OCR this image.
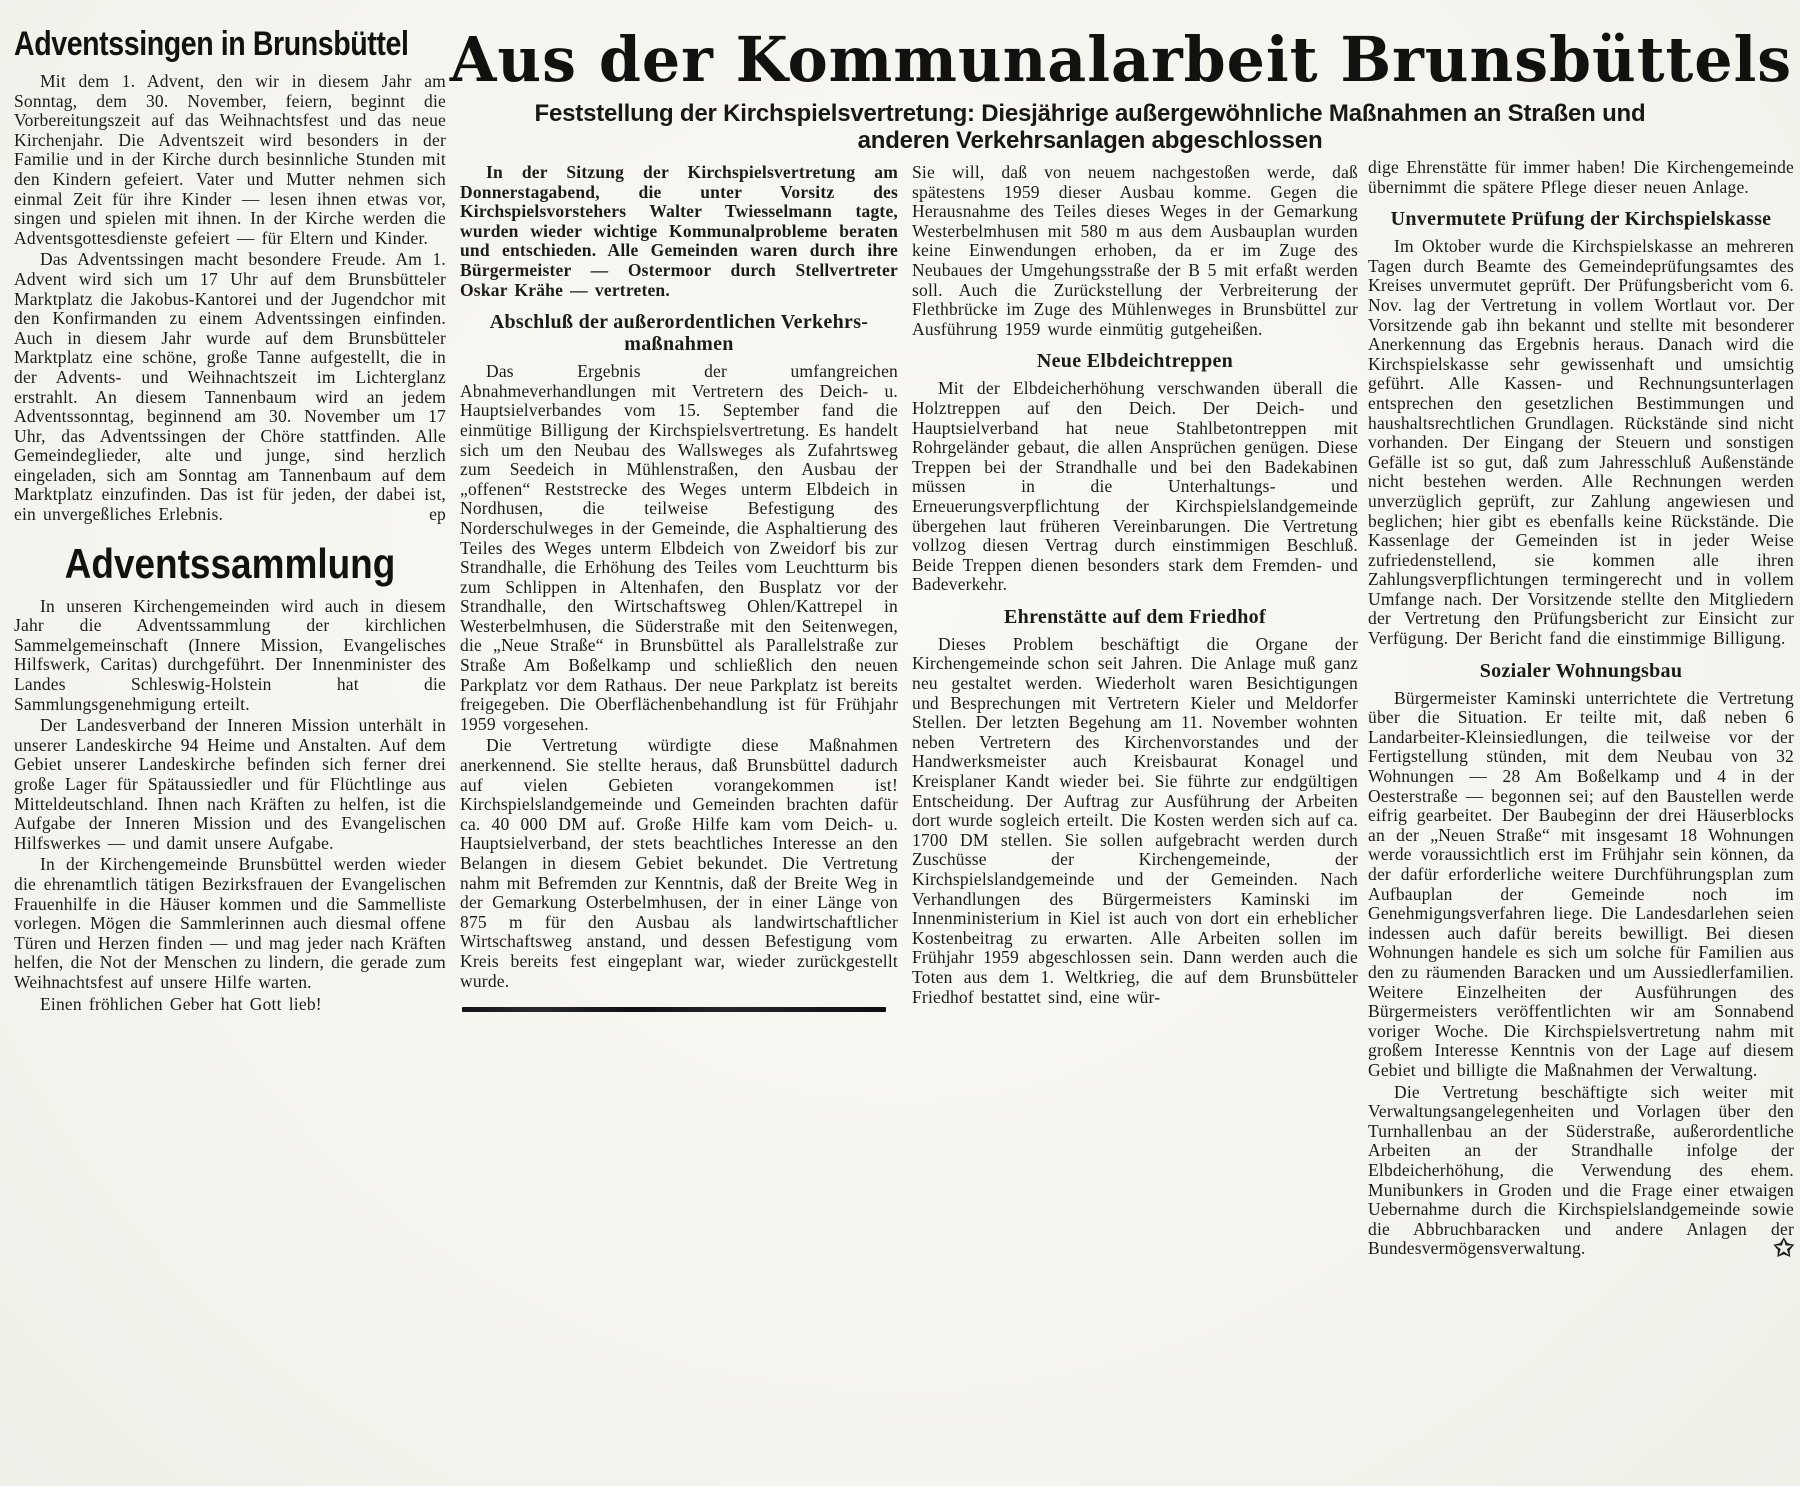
Adventssingen in Brunsbüttel

Mit dem 1. Advent, den wir in diesem Jahr am Sonntag, dem 30. November, feiern, beginnt die Vorbereitungszeit auf das Weihnachtsfest und das neue Kirchenjahr. Die Adventszeit wird besonders in der Familie und in der Kirche durch besinnliche Stunden mit den Kindern gefeiert. Vater und Mutter nehmen sich einmal Zeit für ihre Kinder — lesen ihnen etwas vor, singen und spielen mit ihnen. In der Kirche werden die Adventsgottesdienste gefeiert — für Eltern und Kinder.

Das Adventssingen macht besondere Freude. Am 1. Advent wird sich um 17 Uhr auf dem Brunsbütteler Marktplatz die Jakobus-Kantorei und der Jugendchor mit den Konfirmanden zu einem Adventssingen einfinden. Auch in diesem Jahr wurde auf dem Brunsbütteler Marktplatz eine schöne, große Tanne aufgestellt, die in der Advents- und Weihnachtszeit im Lichterglanz erstrahlt. An diesem Tannenbaum wird an jedem Adventssonntag, beginnend am 30. November um 17 Uhr, das Adventssingen der Chöre stattfinden. Alle Gemeindeglieder, alte und junge, sind herzlich eingeladen, sich am Sonntag am Tannenbaum auf dem Marktplatz einzufinden. Das ist für jeden, der dabei ist, ein unvergeßliches Erlebnis.	ep

Adventssammlung

In unseren Kirchengemeinden wird auch in diesem Jahr die Adventssammlung der kirchlichen Sammelgemeinschaft (Innere Mission, Evangelisches Hilfswerk, Caritas) durchgeführt. Der Innenminister des Landes Schleswig-Holstein hat die Sammlungsgenehmigung erteilt.

Der Landesverband der Inneren Mission unterhält in unserer Landeskirche 94 Heime und Anstalten. Auf dem Gebiet unserer Landeskirche befinden sich ferner drei große Lager für Spätaussiedler und für Flüchtlinge aus Mitteldeutschland. Ihnen nach Kräften zu helfen, ist die Aufgabe der Inneren Mission und des Evangelischen Hilfswerkes — und damit unsere Aufgabe.

In der Kirchengemeinde Brunsbüttel werden wieder die ehrenamtlich tätigen Bezirksfrauen der Evangelischen Frauenhilfe in die Häuser kommen und die Sammelliste vorlegen. Mögen die Sammlerinnen auch diesmal offene Türen und Herzen finden — und mag jeder nach Kräften helfen, die Not der Menschen zu lindern, die gerade zum Weihnachtsfest auf unsere Hilfe warten.

Einen fröhlichen Geber hat Gott lieb!

Aus der Kommunalarbeit Brunsbüttels
Feststellung der Kirchspielsvertretung: Diesjährige außergewöhnliche Maßnahmen an Straßen und
anderen Verkehrsanlagen abgeschlossen

In der Sitzung der Kirchspielsvertretung am Donnerstagabend, die unter Vorsitz des Kirchspielsvorstehers Walter Twiesselmann tagte, wurden wieder wichtige Kommunalprobleme beraten und entschieden. Alle Gemeinden waren durch ihre Bürgermeister — Ostermoor durch Stellvertreter Oskar Krähe — vertreten.

Abschluß der außerordentlichen Verkehrs-
maßnahmen

Das Ergebnis der umfangreichen Abnahmeverhandlungen mit Vertretern des Deich- u. Hauptsielverbandes vom 15. September fand die einmütige Billigung der Kirchspielsvertretung. Es handelt sich um den Neubau des Wallsweges als Zufahrtsweg zum Seedeich in Mühlenstraßen, den Ausbau der „offenen“ Reststrecke des Weges unterm Elbdeich in Nordhusen, die teilweise Befestigung des Norderschulweges in der Gemeinde, die Asphaltierung des Teiles des Weges unterm Elbdeich von Zweidorf bis zur Strandhalle, die Erhöhung des Teiles vom Leuchtturm bis zum Schlippen in Altenhafen, den Busplatz vor der Strandhalle, den Wirtschaftsweg Ohlen/Kattrepel in Westerbelmhusen, die Süderstraße mit den Seitenwegen, die „Neue Straße“ in Brunsbüttel als Parallelstraße zur Straße Am Boßelkamp und schließlich den neuen Parkplatz vor dem Rathaus. Der neue Parkplatz ist bereits freigegeben. Die Oberflächenbehandlung ist für Frühjahr 1959 vorgesehen.

Die Vertretung würdigte diese Maßnahmen anerkennend. Sie stellte heraus, daß Brunsbüttel dadurch auf vielen Gebieten vorangekommen ist! Kirchspielslandgemeinde und Gemeinden brachten dafür ca. 40 000 DM auf. Große Hilfe kam vom Deich- u. Hauptsielverband, der stets beachtliches Interesse an den Belangen in diesem Gebiet bekundet. Die Vertretung nahm mit Befremden zur Kenntnis, daß der Breite Weg in der Gemarkung Osterbelmhusen, der in einer Länge von 875 m für den Ausbau als landwirtschaftlicher Wirtschaftsweg anstand, und dessen Befestigung vom Kreis bereits fest eingeplant war, wieder zurückgestellt wurde.

Sie will, daß von neuem nachgestoßen werde, daß spätestens 1959 dieser Ausbau komme. Gegen die Herausnahme des Teiles dieses Weges in der Gemarkung Westerbelmhusen mit 580 m aus dem Ausbauplan wurden keine Einwendungen erhoben, da er im Zuge des Neubaues der Umgehungsstraße der B 5 mit erfaßt werden soll. Auch die Zurückstellung der Verbreiterung der Flethbrücke im Zuge des Mühlenweges in Brunsbüttel zur Ausführung 1959 wurde einmütig gutgeheißen.

Neue Elbdeichtreppen

Mit der Elbdeicherhöhung verschwanden überall die Holztreppen auf den Deich. Der Deich- und Hauptsielverband hat neue Stahlbetontreppen mit Rohrgeländer gebaut, die allen Ansprüchen genügen. Diese Treppen bei der Strandhalle und bei den Badekabinen müssen in die Unterhaltungs- und Erneuerungsverpflichtung der Kirchspielslandgemeinde übergehen laut früheren Vereinbarungen. Die Vertretung vollzog diesen Vertrag durch einstimmigen Beschluß. Beide Treppen dienen besonders stark dem Fremden- und Badeverkehr.

Ehrenstätte auf dem Friedhof

Dieses Problem beschäftigt die Organe der Kirchengemeinde schon seit Jahren. Die Anlage muß ganz neu gestaltet werden. Wiederholt waren Besichtigungen und Besprechungen mit Vertretern Kieler und Meldorfer Stellen. Der letzten Begehung am 11. November wohnten neben Vertretern des Kirchenvorstandes und der Handwerksmeister auch Kreisbaurat Konagel und Kreisplaner Kandt wieder bei. Sie führte zur endgültigen Entscheidung. Der Auftrag zur Ausführung der Arbeiten dort wurde sogleich erteilt. Die Kosten werden sich auf ca. 1700 DM stellen. Sie sollen aufgebracht werden durch Zuschüsse der Kirchengemeinde, der Kirchspielslandgemeinde und der Gemeinden. Nach Verhandlungen des Bürgermeisters Kaminski im Innenministerium in Kiel ist auch von dort ein erheblicher Kostenbeitrag zu erwarten. Alle Arbeiten sollen im Frühjahr 1959 abgeschlossen sein. Dann werden auch die Toten aus dem 1. Weltkrieg, die auf dem Brunsbütteler Friedhof bestattet sind, eine wür-

dige Ehrenstätte für immer haben! Die Kirchengemeinde übernimmt die spätere Pflege dieser neuen Anlage.

Unvermutete Prüfung der Kirchspielskasse

Im Oktober wurde die Kirchspielskasse an mehreren Tagen durch Beamte des Gemeindeprüfungsamtes des Kreises unvermutet geprüft. Der Prüfungsbericht vom 6. Nov. lag der Vertretung in vollem Wortlaut vor. Der Vorsitzende gab ihn bekannt und stellte mit besonderer Anerkennung das Ergebnis heraus. Danach wird die Kirchspielskasse sehr gewissenhaft und umsichtig geführt. Alle Kassen- und Rechnungsunterlagen entsprechen den gesetzlichen Bestimmungen und haushaltsrechtlichen Grundlagen. Rückstände sind nicht vorhanden. Der Eingang der Steuern und sonstigen Gefälle ist so gut, daß zum Jahresschluß Außenstände nicht bestehen werden. Alle Rechnungen werden unverzüglich geprüft, zur Zahlung angewiesen und beglichen; hier gibt es ebenfalls keine Rückstände. Die Kassenlage der Gemeinden ist in jeder Weise zufriedenstellend, sie kommen alle ihren Zahlungsverpflichtungen termingerecht und in vollem Umfange nach. Der Vorsitzende stellte den Mitgliedern der Vertretung den Prüfungsbericht zur Einsicht zur Verfügung. Der Bericht fand die einstimmige Billigung.

Sozialer Wohnungsbau

Bürgermeister Kaminski unterrichtete die Vertretung über die Situation. Er teilte mit, daß neben 6 Landarbeiter-Kleinsiedlungen, die teilweise vor der Fertigstellung stünden, mit dem Neubau von 32 Wohnungen — 28 Am Boßelkamp und 4 in der Oesterstraße — begonnen sei; auf den Baustellen werde eifrig gearbeitet. Der Baubeginn der drei Häuserblocks an der „Neuen Straße“ mit insgesamt 18 Wohnungen werde voraussichtlich erst im Frühjahr sein können, da der dafür erforderliche weitere Durchführungsplan zum Aufbauplan der Gemeinde noch im Genehmigungsverfahren liege. Die Landesdarlehen seien indessen auch dafür bereits bewilligt. Bei diesen Wohnungen handele es sich um solche für Familien aus den zu räumenden Baracken und um Aussiedlerfamilien. Weitere Einzelheiten der Ausführungen des Bürgermeisters veröffentlichten wir am Sonnabend voriger Woche. Die Kirchspielsvertretung nahm mit großem Interesse Kenntnis von der Lage auf diesem Gebiet und billigte die Maßnahmen der Verwaltung.

Die Vertretung beschäftigte sich weiter mit Verwaltungsangelegenheiten und Vorlagen über den Turnhallenbau an der Süderstraße, außerordentliche Arbeiten an der Strandhalle infolge der Elbdeicherhöhung, die Verwendung des ehem. Munibunkers in Groden und die Frage einer etwaigen Uebernahme durch die Kirchspielslandgemeinde sowie die Abbruchbaracken und andere Anlagen der Bundesvermögensverwaltung.	✩
